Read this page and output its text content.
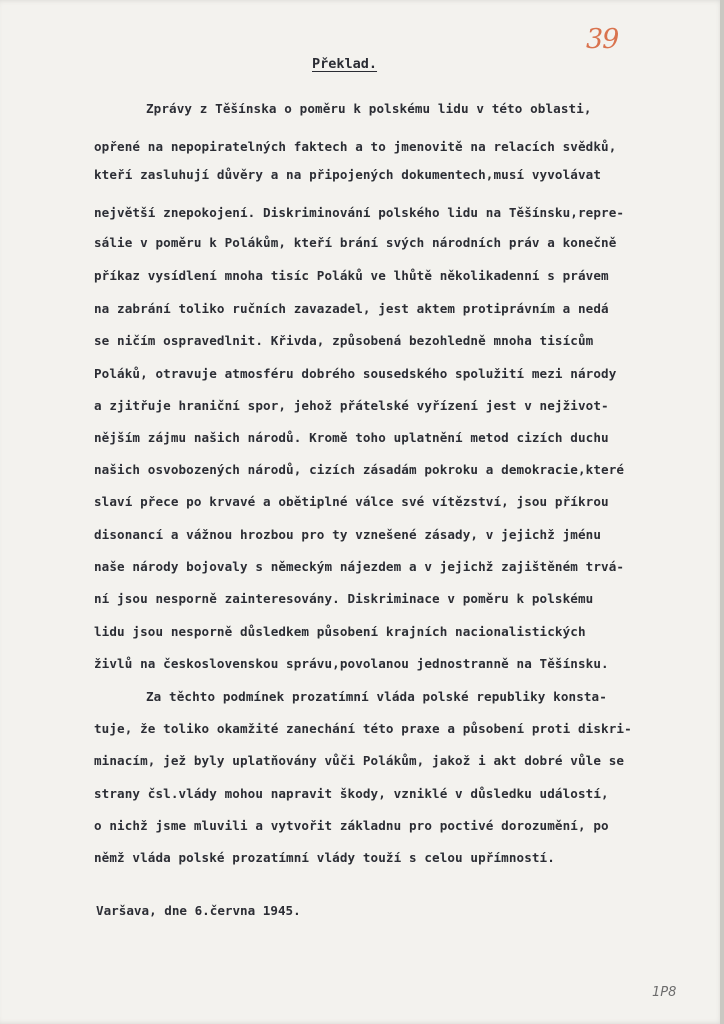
39
Překlad.
Zprávy z Těšínska o poměru k polskému lidu v této oblasti,
opřené na nepopiratelných faktech a to jmenovitě na relacích svědků,
kteří zasluhují důvěry a na připojených dokumentech,musí vyvolávat
největší znepokojení. Diskriminování polského lidu na Těšínsku,repre-
sálie v poměru k Polákům, kteří brání svých národních práv a konečně
příkaz vysídlení mnoha tisíc Poláků ve lhůtě několikadenní s právem
na zabrání toliko ručních zavazadel, jest aktem protiprávním a nedá
se ničím ospravedlnit. Křivda, způsobená bezohledně mnoha tisícům
Poláků, otravuje atmosféru dobrého sousedského spolužití mezi národy
a zjitřuje hraniční spor, jehož přátelské vyřízení jest v nejživot-
nějším zájmu našich národů. Kromě toho uplatnění metod cizích duchu
našich osvobozených národů, cizích zásadám pokroku a demokracie,které
slaví přece po krvavé a obětiplné válce své vítězství, jsou příkrou
disonancí a vážnou hrozbou pro ty vznešené zásady, v jejichž jménu
naše národy bojovaly s německým nájezdem a v jejichž zajištěném trvá-
ní jsou nesporně zainteresovány. Diskriminace v poměru k polskému
lidu jsou nesporně důsledkem působení krajních nacionalistických
živlů na československou správu,povolanou jednostranně na Těšínsku.
Za těchto podmínek prozatímní vláda polské republiky konsta-
tuje, že toliko okamžité zanechání této praxe a působení proti diskri-
minacím, jež byly uplatňovány vůči Polákům, jakož i akt dobré vůle se
strany čsl.vlády mohou napravit škody, vzniklé v důsledku událostí,
o nichž jsme mluvili a vytvořit základnu pro poctivé dorozumění, po
němž vláda polské prozatímní vlády touží s celou upřímností.
Varšava, dne 6.června 1945.
1P8
